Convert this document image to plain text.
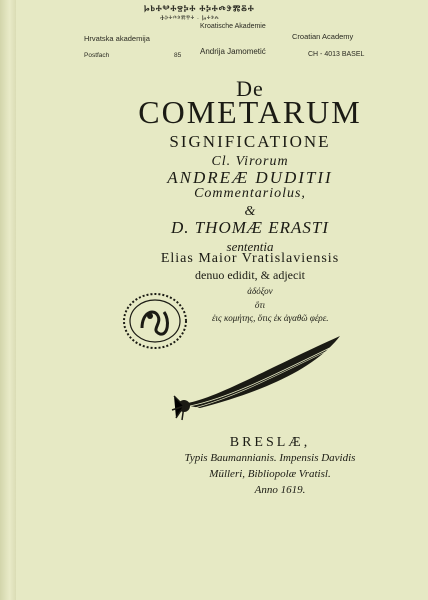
ⰘⰓⰀⰂⰀⰔⰍⰀ ⰀⰍⰀⰄⰅⰏⰋⰀ
Ⰰⰽⰰⰴⰵⰿⰹⰰ · Ⱈⰰⰵⰾ
Kroatische Akademie
Hrvatska akademija	Croatian Academy
Andrija Jamometić
Postfach	85	CH - 4013 BASEL
De
COMETARUM
SIGNIFICATIONE
Cl. Virorum
ANDREÆ DUDITII
Commentariolus,
&
D. THOMÆ ERASTI
sententia
Elias Maior Vratislaviensis
denuo edidit, & adjecit
ἀδόξον
ὅτι
ἐις κομήτης, ὅτις ἐκ ἀγαθῶ φέρε.
BRESLÆ,
Typis Baumannianis. Impensis Davidis
Mülleri, Bibliopolæ Vratisl.
Anno 1619.
